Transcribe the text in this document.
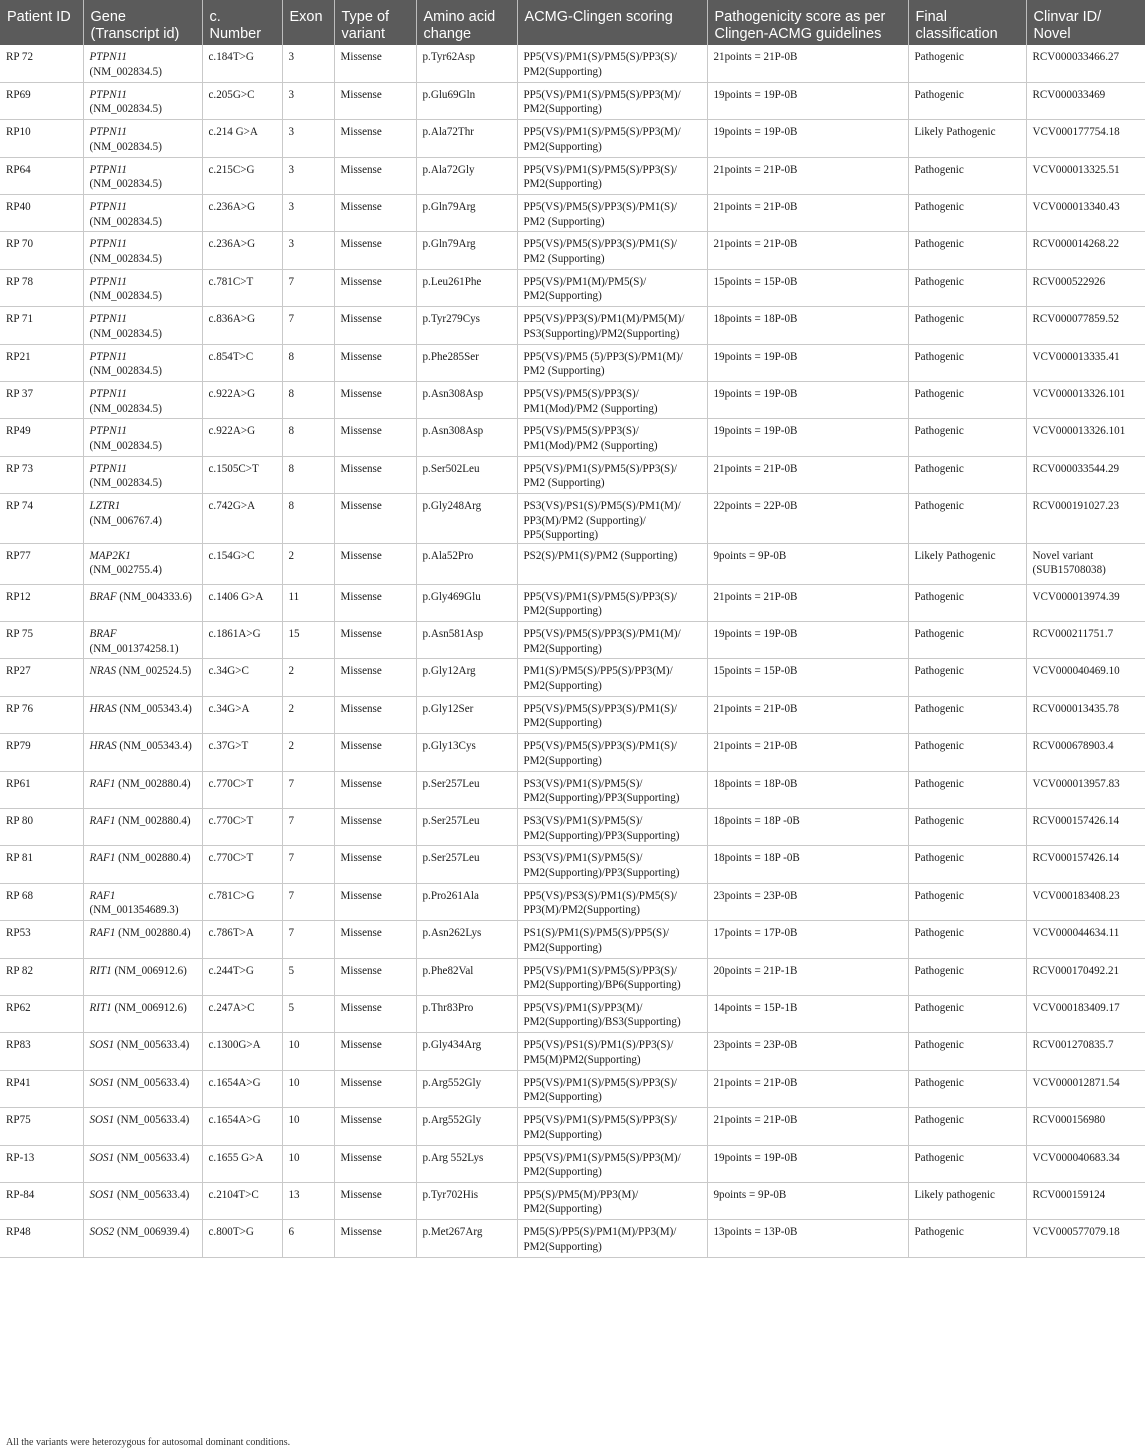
Patient ID	Gene (Transcript id)	c. Number	Exon	Type of variant	Amino acid change	ACMG-Clingen scoring	Pathogenicity score as per Clingen-ACMG guidelines	Final classification	Clinvar ID/ Novel
RP 72	PTPN11 (NM_002834.5)	c.184T>G	3	Missense	p.Tyr62Asp	PP5(VS)/PM1(S)/PM5(S)/PP3(S)/ PM2(Supporting)	21points = 21P-0B	Pathogenic	RCV000033466.27
RP69	PTPN11 (NM_002834.5)	c.205G>C	3	Missense	p.Glu69Gln	PP5(VS)/PM1(S)/PM5(S)/PP3(M)/ PM2(Supporting)	19points = 19P-0B	Pathogenic	RCV000033469
RP10	PTPN11 (NM_002834.5)	c.214 G>A	3	Missense	p.Ala72Thr	PP5(VS)/PM1(S)/PM5(S)/PP3(M)/ PM2(Supporting)	19points = 19P-0B	Likely Pathogenic	VCV000177754.18
RP64	PTPN11 (NM_002834.5)	c.215C>G	3	Missense	p.Ala72Gly	PP5(VS)/PM1(S)/PM5(S)/PP3(S)/ PM2(Supporting)	21points = 21P-0B	Pathogenic	VCV000013325.51
RP40	PTPN11 (NM_002834.5)	c.236A>G	3	Missense	p.Gln79Arg	PP5(VS)/PM5(S)/PP3(S)/PM1(S)/ PM2 (Supporting)	21points = 21P-0B	Pathogenic	VCV000013340.43
RP 70	PTPN11 (NM_002834.5)	c.236A>G	3	Missense	p.Gln79Arg	PP5(VS)/PM5(S)/PP3(S)/PM1(S)/ PM2 (Supporting)	21points = 21P-0B	Pathogenic	RCV000014268.22
RP 78	PTPN11 (NM_002834.5)	c.781C>T	7	Missense	p.Leu261Phe	PP5(VS)/PM1(M)/PM5(S)/ PM2(Supporting)	15points = 15P-0B	Pathogenic	RCV000522926
RP 71	PTPN11 (NM_002834.5)	c.836A>G	7	Missense	p.Tyr279Cys	PP5(VS)/PP3(S)/PM1(M)/PM5(M)/ PS3(Supporting)/PM2(Supporting)	18points = 18P-0B	Pathogenic	RCV000077859.52
RP21	PTPN11 (NM_002834.5)	c.854T>C	8	Missense	p.Phe285Ser	PP5(VS)/PM5 (5)/PP3(S)/PM1(M)/ PM2 (Supporting)	19points = 19P-0B	Pathogenic	VCV000013335.41
RP 37	PTPN11 (NM_002834.5)	c.922A>G	8	Missense	p.Asn308Asp	PP5(VS)/PM5(S)/PP3(S)/ PM1(Mod)/PM2 (Supporting)	19points = 19P-0B	Pathogenic	VCV000013326.101
RP49	PTPN11 (NM_002834.5)	c.922A>G	8	Missense	p.Asn308Asp	PP5(VS)/PM5(S)/PP3(S)/ PM1(Mod)/PM2 (Supporting)	19points = 19P-0B	Pathogenic	VCV000013326.101
RP 73	PTPN11 (NM_002834.5)	c.1505C>T	8	Missense	p.Ser502Leu	PP5(VS)/PM1(S)/PM5(S)/PP3(S)/ PM2 (Supporting)	21points = 21P-0B	Pathogenic	RCV000033544.29
RP 74	LZTR1 (NM_006767.4)	c.742G>A	8	Missense	p.Gly248Arg	PS3(VS)/PS1(S)/PM5(S)/PM1(M)/ PP3(M)/PM2 (Supporting)/ PP5(Supporting)	22points = 22P-0B	Pathogenic	RCV000191027.23
RP77	MAP2K1 (NM_002755.4)	c.154G>C	2	Missense	p.Ala52Pro	PS2(S)/PM1(S)/PM2 (Supporting)	9points = 9P-0B	Likely Pathogenic	Novel variant (SUB15708038)
RP12	BRAF (NM_004333.6)	c.1406 G>A	11	Missense	p.Gly469Glu	PP5(VS)/PM1(S)/PM5(S)/PP3(S)/ PM2(Supporting)	21points = 21P-0B	Pathogenic	VCV000013974.39
RP 75	BRAF (NM_001374258.1)	c.1861A>G	15	Missense	p.Asn581Asp	PP5(VS)/PM5(S)/PP3(S)/PM1(M)/ PM2(Supporting)	19points = 19P-0B	Pathogenic	RCV000211751.7
RP27	NRAS (NM_002524.5)	c.34G>C	2	Missense	p.Gly12Arg	PM1(S)/PM5(S)/PP5(S)/PP3(M)/ PM2(Supporting)	15points = 15P-0B	Pathogenic	VCV000040469.10
RP 76	HRAS (NM_005343.4)	c.34G>A	2	Missense	p.Gly12Ser	PP5(VS)/PM5(S)/PP3(S)/PM1(S)/ PM2(Supporting)	21points = 21P-0B	Pathogenic	RCV000013435.78
RP79	HRAS (NM_005343.4)	c.37G>T	2	Missense	p.Gly13Cys	PP5(VS)/PM5(S)/PP3(S)/PM1(S)/ PM2(Supporting)	21points = 21P-0B	Pathogenic	RCV000678903.4
RP61	RAF1 (NM_002880.4)	c.770C>T	7	Missense	p.Ser257Leu	PS3(VS)/PM1(S)/PM5(S)/ PM2(Supporting)/PP3(Supporting)	18points = 18P-0B	Pathogenic	VCV000013957.83
RP 80	RAF1 (NM_002880.4)	c.770C>T	7	Missense	p.Ser257Leu	PS3(VS)/PM1(S)/PM5(S)/ PM2(Supporting)/PP3(Supporting)	18points = 18P -0B	Pathogenic	RCV000157426.14
RP 81	RAF1 (NM_002880.4)	c.770C>T	7	Missense	p.Ser257Leu	PS3(VS)/PM1(S)/PM5(S)/ PM2(Supporting)/PP3(Supporting)	18points = 18P -0B	Pathogenic	RCV000157426.14
RP 68	RAF1 (NM_001354689.3)	c.781C>G	7	Missense	p.Pro261Ala	PP5(VS)/PS3(S)/PM1(S)/PM5(S)/ PP3(M)/PM2(Supporting)	23points = 23P-0B	Pathogenic	VCV000183408.23
RP53	RAF1 (NM_002880.4)	c.786T>A	7	Missense	p.Asn262Lys	PS1(S)/PM1(S)/PM5(S)/PP5(S)/ PM2(Supporting)	17points = 17P-0B	Pathogenic	VCV000044634.11
RP 82	RIT1 (NM_006912.6)	c.244T>G	5	Missense	p.Phe82Val	PP5(VS)/PM1(S)/PM5(S)/PP3(S)/ PM2(Supporting)/BP6(Supporting)	20points = 21P-1B	Pathogenic	RCV000170492.21
RP62	RIT1 (NM_006912.6)	c.247A>C	5	Missense	p.Thr83Pro	PP5(VS)/PM1(S)/PP3(M)/ PM2(Supporting)/BS3(Supporting)	14points = 15P-1B	Pathogenic	VCV000183409.17
RP83	SOS1 (NM_005633.4)	c.1300G>A	10	Missense	p.Gly434Arg	PP5(VS)/PS1(S)/PM1(S)/PP3(S)/ PM5(M)PM2(Supporting)	23points = 23P-0B	Pathogenic	RCV001270835.7
RP41	SOS1 (NM_005633.4)	c.1654A>G	10	Missense	p.Arg552Gly	PP5(VS)/PM1(S)/PM5(S)/PP3(S)/ PM2(Supporting)	21points = 21P-0B	Pathogenic	VCV000012871.54
RP75	SOS1 (NM_005633.4)	c.1654A>G	10	Missense	p.Arg552Gly	PP5(VS)/PM1(S)/PM5(S)/PP3(S)/ PM2(Supporting)	21points = 21P-0B	Pathogenic	RCV000156980
RP-13	SOS1 (NM_005633.4)	c.1655 G>A	10	Missense	p.Arg 552Lys	PP5(VS)/PM1(S)/PM5(S)/PP3(M)/ PM2(Supporting)	19points = 19P-0B	Pathogenic	VCV000040683.34
RP-84	SOS1 (NM_005633.4)	c.2104T>C	13	Missense	p.Tyr702His	PP5(S)/PM5(M)/PP3(M)/ PM2(Supporting)	9points = 9P-0B	Likely pathogenic	RCV000159124
RP48	SOS2 (NM_006939.4)	c.800T>G	6	Missense	p.Met267Arg	PM5(S)/PP5(S)/PM1(M)/PP3(M)/ PM2(Supporting)	13points = 13P-0B	Pathogenic	VCV000577079.18
All the variants were heterozygous for autosomal dominant conditions.
